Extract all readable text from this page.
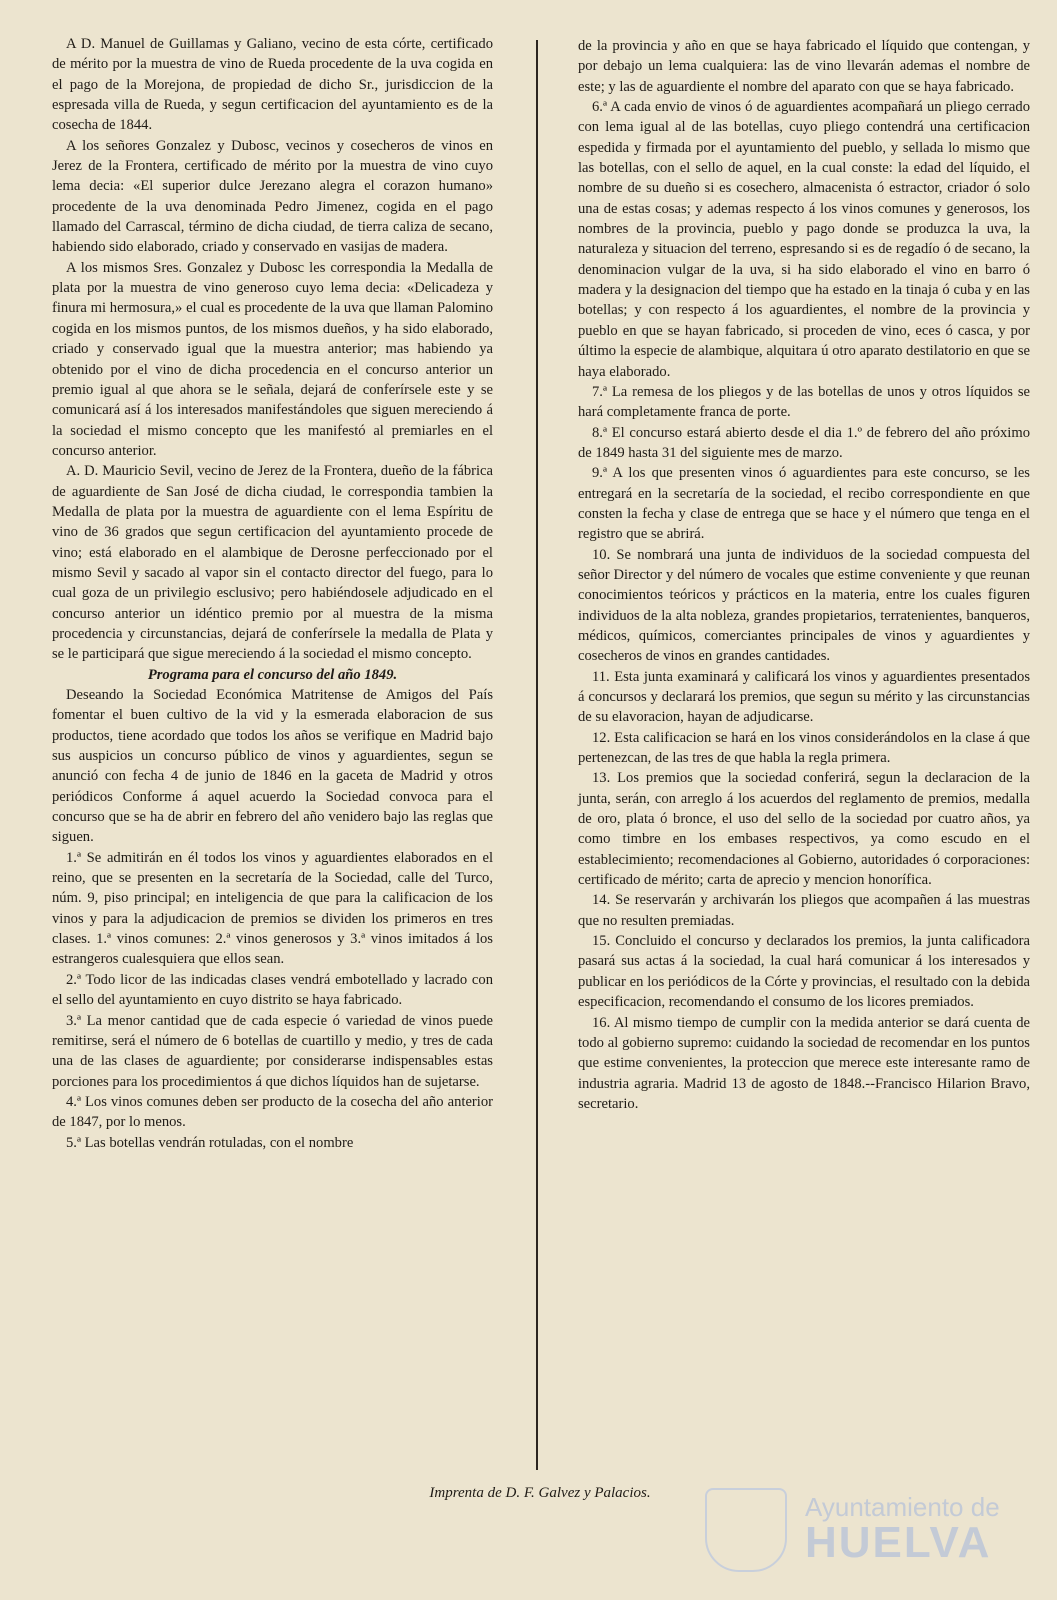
A D. Manuel de Guillamas y Galiano, vecino de esta córte, certificado de mérito por la muestra de vino de Rueda procedente de la uva cogida en el pago de la Morejona, de propiedad de dicho Sr., jurisdiccion de la espresada villa de Rueda, y segun certificacion del ayuntamiento es de la cosecha de 1844.

A los señores Gonzalez y Dubosc, vecinos y cosecheros de vinos en Jerez de la Frontera, certificado de mérito por la muestra de vino cuyo lema decia: «El superior dulce Jerezano alegra el corazon humano» procedente de la uva denominada Pedro Jimenez, cogida en el pago llamado del Carrascal, término de dicha ciudad, de tierra caliza de secano, habiendo sido elaborado, criado y conservado en vasijas de madera.

A los mismos Sres. Gonzalez y Dubosc les correspondia la Medalla de plata por la muestra de vino generoso cuyo lema decia: «Delicadeza y finura mi hermosura,» el cual es procedente de la uva que llaman Palomino cogida en los mismos puntos, de los mismos dueños, y ha sido elaborado, criado y conservado igual que la muestra anterior; mas habiendo ya obtenido por el vino de dicha procedencia en el concurso anterior un premio igual al que ahora se le señala, dejará de conferírsele este y se comunicará así á los interesados manifestándoles que siguen mereciendo á la sociedad el mismo concepto que les manifestó al premiarles en el concurso anterior.

A. D. Mauricio Sevil, vecino de Jerez de la Frontera, dueño de la fábrica de aguardiente de San José de dicha ciudad, le correspondia tambien la Medalla de plata por la muestra de aguardiente con el lema Espíritu de vino de 36 grados que segun certificacion del ayuntamiento procede de vino; está elaborado en el alambique de Derosne perfeccionado por el mismo Sevil y sacado al vapor sin el contacto director del fuego, para lo cual goza de un privilegio esclusivo; pero habiéndosele adjudicado en el concurso anterior un idéntico premio por al muestra de la misma procedencia y circunstancias, dejará de conferírsele la medalla de Plata y se le participará que sigue mereciendo á la sociedad el mismo concepto.

Programa para el concurso del año 1849.

Deseando la Sociedad Económica Matritense de Amigos del País fomentar el buen cultivo de la vid y la esmerada elaboracion de sus productos, tiene acordado que todos los años se verifique en Madrid bajo sus auspicios un concurso público de vinos y aguardientes, segun se anunció con fecha 4 de junio de 1846 en la gaceta de Madrid y otros periódicos Conforme á aquel acuerdo la Sociedad convoca para el concurso que se ha de abrir en febrero del año venidero bajo las reglas que siguen.

1.ª Se admitirán en él todos los vinos y aguardientes elaborados en el reino, que se presenten en la secretaría de la Sociedad, calle del Turco, núm. 9, piso principal; en inteligencia de que para la calificacion de los vinos y para la adjudicacion de premios se dividen los primeros en tres clases. 1.ª vinos comunes: 2.ª vinos generosos y 3.ª vinos imitados á los estrangeros cualesquiera que ellos sean.

2.ª Todo licor de las indicadas clases vendrá embotellado y lacrado con el sello del ayuntamiento en cuyo distrito se haya fabricado.

3.ª La menor cantidad que de cada especie ó variedad de vinos puede remitirse, será el número de 6 botellas de cuartillo y medio, y tres de cada una de las clases de aguardiente; por considerarse indispensables estas porciones para los procedimientos á que dichos líquidos han de sujetarse.

4.ª Los vinos comunes deben ser producto de la cosecha del año anterior de 1847, por lo menos.

5.ª Las botellas vendrán rotuladas, con el nombre

de la provincia y año en que se haya fabricado el líquido que contengan, y por debajo un lema cualquiera: las de vino llevarán ademas el nombre de este; y las de aguardiente el nombre del aparato con que se haya fabricado.

6.ª A cada envio de vinos ó de aguardientes acompañará un pliego cerrado con lema igual al de las botellas, cuyo pliego contendrá una certificacion espedida y firmada por el ayuntamiento del pueblo, y sellada lo mismo que las botellas, con el sello de aquel, en la cual conste: la edad del líquido, el nombre de su dueño si es cosechero, almacenista ó estractor, criador ó solo una de estas cosas; y ademas respecto á los vinos comunes y generosos, los nombres de la provincia, pueblo y pago donde se produzca la uva, la naturaleza y situacion del terreno, espresando si es de regadío ó de secano, la denominacion vulgar de la uva, si ha sido elaborado el vino en barro ó madera y la designacion del tiempo que ha estado en la tinaja ó cuba y en las botellas; y con respecto á los aguardientes, el nombre de la provincia y pueblo en que se hayan fabricado, si proceden de vino, eces ó casca, y por último la especie de alambique, alquitara ú otro aparato destilatorio en que se haya elaborado.

7.ª La remesa de los pliegos y de las botellas de unos y otros líquidos se hará completamente franca de porte.

8.ª El concurso estará abierto desde el dia 1.º de febrero del año próximo de 1849 hasta 31 del siguiente mes de marzo.

9.ª A los que presenten vinos ó aguardientes para este concurso, se les entregará en la secretaría de la sociedad, el recibo correspondiente en que consten la fecha y clase de entrega que se hace y el número que tenga en el registro que se abrirá.

10. Se nombrará una junta de individuos de la sociedad compuesta del señor Director y del número de vocales que estime conveniente y que reunan conocimientos teóricos y prácticos en la materia, entre los cuales figuren individuos de la alta nobleza, grandes propietarios, terratenientes, banqueros, médicos, químicos, comerciantes principales de vinos y aguardientes y cosecheros de vinos en grandes cantidades.

11. Esta junta examinará y calificará los vinos y aguardientes presentados á concursos y declarará los premios, que segun su mérito y las circunstancias de su elavoracion, hayan de adjudicarse.

12. Esta calificacion se hará en los vinos considerándolos en la clase á que pertenezcan, de las tres de que habla la regla primera.

13. Los premios que la sociedad conferirá, segun la declaracion de la junta, serán, con arreglo á los acuerdos del reglamento de premios, medalla de oro, plata ó bronce, el uso del sello de la sociedad por cuatro años, ya como timbre en los embases respectivos, ya como escudo en el establecimiento; recomendaciones al Gobierno, autoridades ó corporaciones: certificado de mérito; carta de aprecio y mencion honorífica.

14. Se reservarán y archivarán los pliegos que acompañen á las muestras que no resulten premiadas.

15. Concluido el concurso y declarados los premios, la junta calificadora pasará sus actas á la sociedad, la cual hará comunicar á los interesados y publicar en los periódicos de la Córte y provincias, el resultado con la debida especificacion, recomendando el consumo de los licores premiados.

16. Al mismo tiempo de cumplir con la medida anterior se dará cuenta de todo al gobierno supremo: cuidando la sociedad de recomendar en los puntos que estime convenientes, la proteccion que merece este interesante ramo de industria agraria. Madrid 13 de agosto de 1848.--Francisco Hilarion Bravo, secretario.

Imprenta de D. F. Galvez y Palacios.	Ayuntamiento de
HUELVA
